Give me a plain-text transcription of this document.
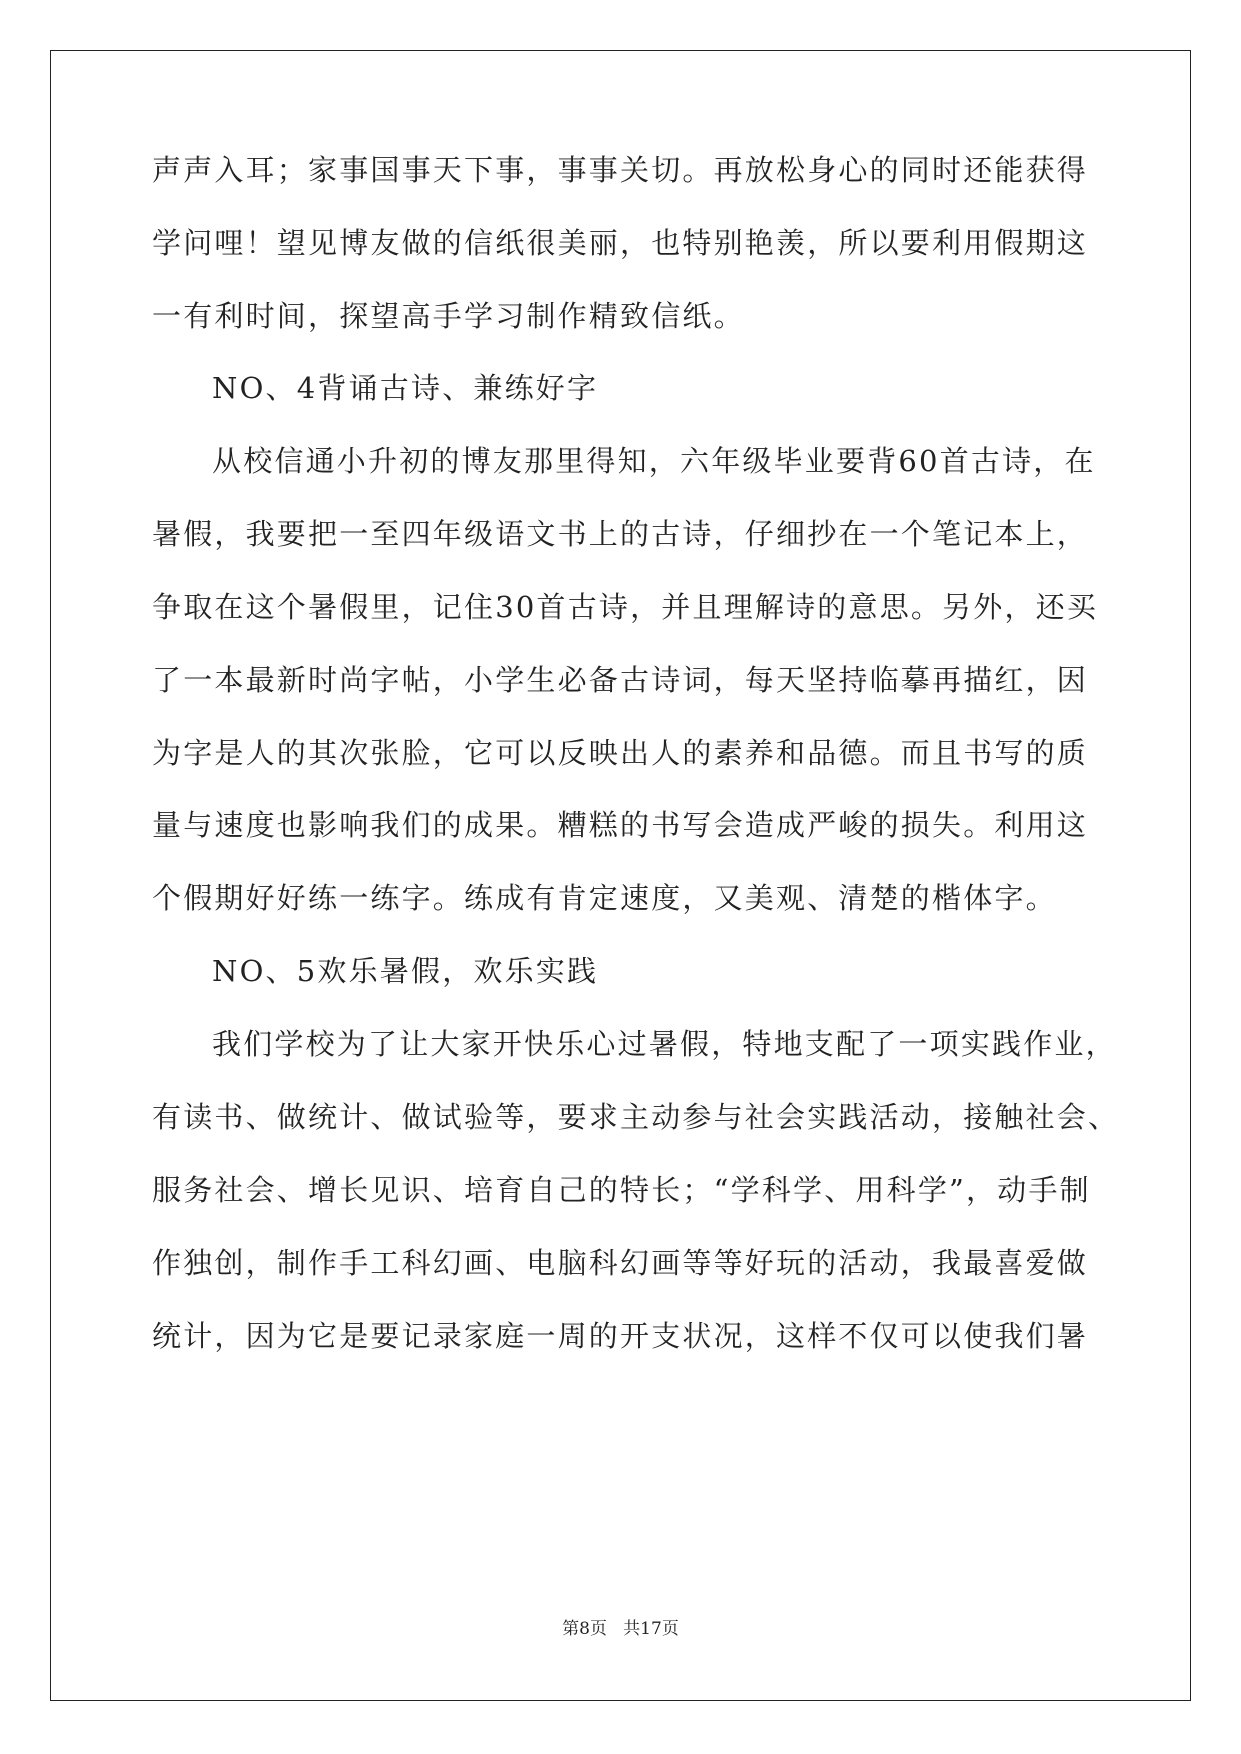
声声入耳；家事国事天下事，事事关切。再放松身心的同时还能获得
学问哩！望见博友做的信纸很美丽，也特别艳羡，所以要利用假期这
一有利时间，探望高手学习制作精致信纸。
NO、4背诵古诗、兼练好字
从校信通小升初的博友那里得知，六年级毕业要背60首古诗，在
暑假，我要把一至四年级语文书上的古诗，仔细抄在一个笔记本上，
争取在这个暑假里，记住30首古诗，并且理解诗的意思。另外，还买
了一本最新时尚字帖，小学生必备古诗词，每天坚持临摹再描红，因
为字是人的其次张脸，它可以反映出人的素养和品德。而且书写的质
量与速度也影响我们的成果。糟糕的书写会造成严峻的损失。利用这
个假期好好练一练字。练成有肯定速度，又美观、清楚的楷体字。
NO、5欢乐暑假，欢乐实践
我们学校为了让大家开快乐心过暑假，特地支配了一项实践作业，
有读书、做统计、做试验等，要求主动参与社会实践活动，接触社会、
服务社会、增长见识、培育自己的特长；“学科学、用科学”，动手制
作独创，制作手工科幻画、电脑科幻画等等好玩的活动，我最喜爱做
统计，因为它是要记录家庭一周的开支状况，这样不仅可以使我们暑
第8页   共17页
